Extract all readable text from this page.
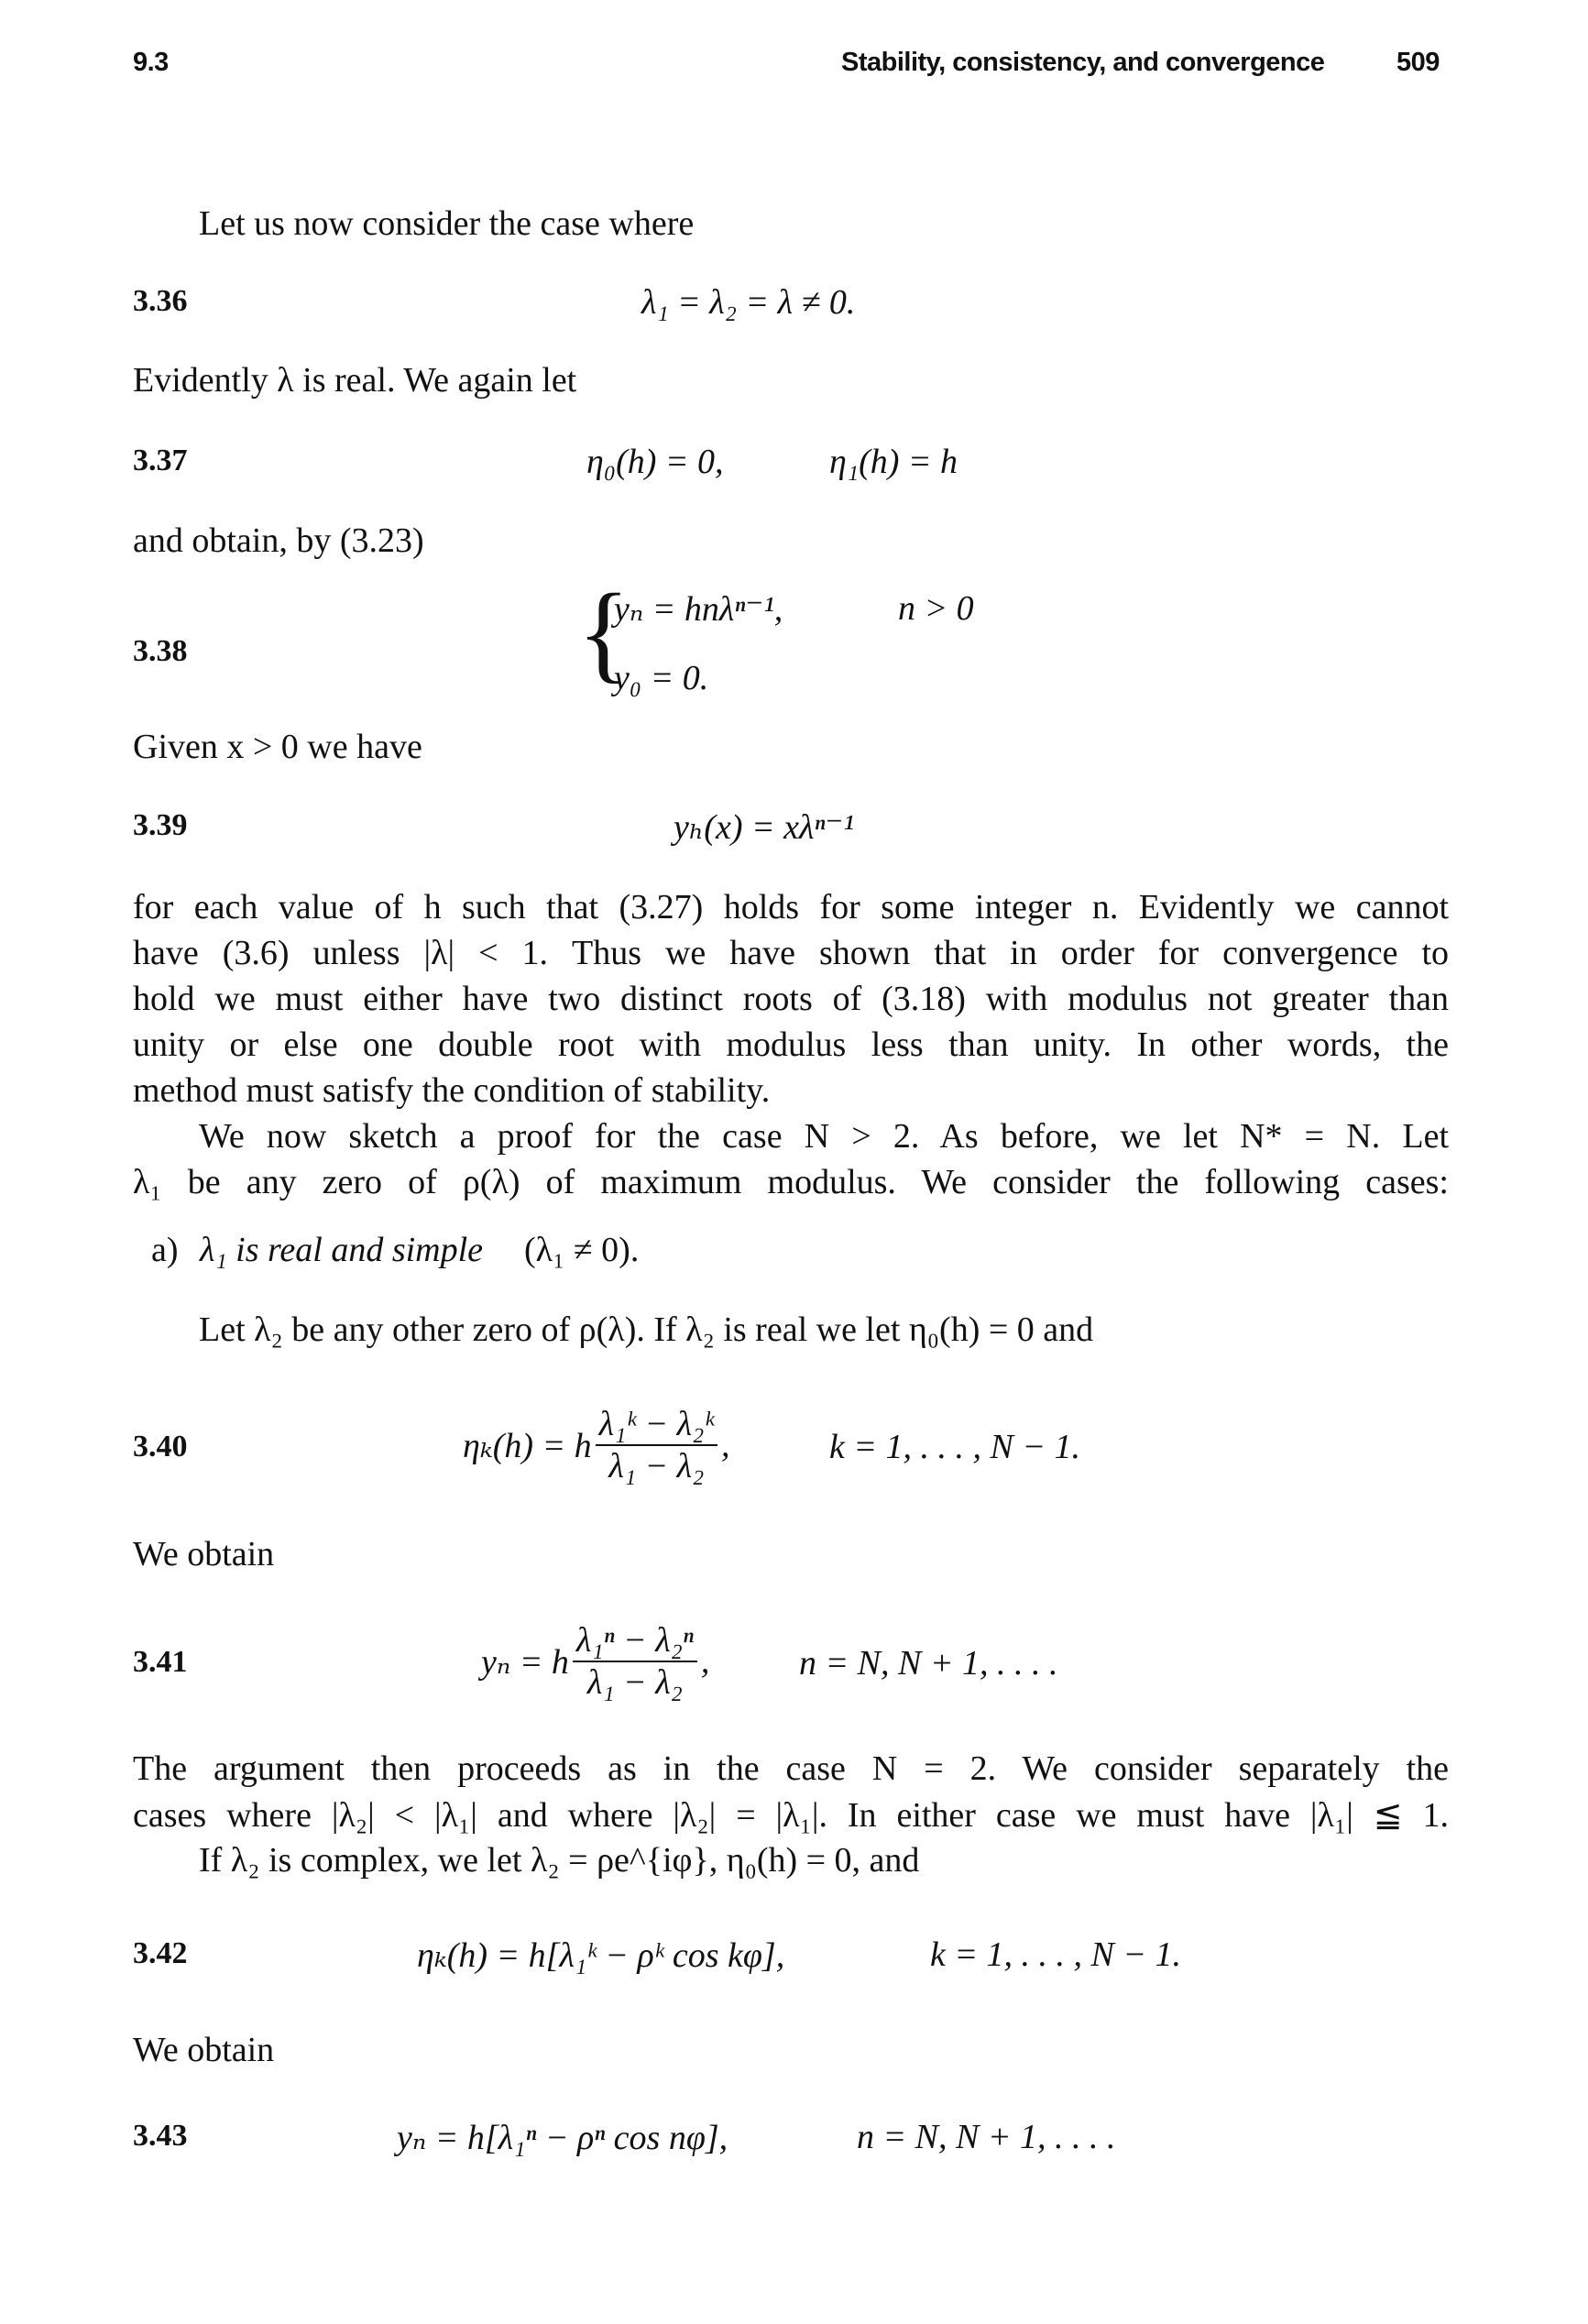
9.3	Stability, consistency, and convergence	509
Let us now consider the case where
3.36	λ₁ = λ₂ = λ ≠ 0.
Evidently λ is real. We again let
3.37	η₀(h) = 0,	η₁(h) = h
and obtain, by (3.23)
3.38	{
yₙ = hnλⁿ⁻¹,	n > 0
y₀ = 0.
Given x > 0 we have
3.39	yₕ(x) = xλⁿ⁻¹
for each value of h such that (3.27) holds for some integer n. Evidently we cannot
have (3.6) unless |λ| < 1. Thus we have shown that in order for convergence to
hold we must either have two distinct roots of (3.18) with modulus not greater than
unity or else one double root with modulus less than unity. In other words, the
method must satisfy the condition of stability.
We now sketch a proof for the case N > 2. As before, we let N* = N. Let
λ₁ be any zero of ρ(λ) of maximum modulus. We consider the following cases:
a) λ₁ is real and simple (λ₁ ≠ 0).
Let λ₂ be any other zero of ρ(λ). If λ₂ is real we let η₀(h) = 0 and
3.40	ηₖ(h) = h $\frac{\text{λ₁ᵏ − λ₂ᵏ}}{\text{λ₁ − λ₂}}$ ,	k = 1, . . . , N − 1.
We obtain
3.41	yₙ = h $\frac{\text{λ₁ⁿ − λ₂ⁿ}}{\text{λ₁ − λ₂}}$ ,	n = N, N + 1, . . . .
The argument then proceeds as in the case N = 2. We consider separately the
cases where |λ₂| < |λ₁| and where |λ₂| = |λ₁|. In either case we must have |λ₁| ≦ 1.
If λ₂ is complex, we let λ₂ = ρe^{iφ}, η₀(h) = 0, and
3.42	ηₖ(h) = h[λ₁ᵏ − ρᵏ cos kφ],	k = 1, . . . , N − 1.
We obtain
3.43	yₙ = h[λ₁ⁿ − ρⁿ cos nφ],	n = N, N + 1, . . . .
